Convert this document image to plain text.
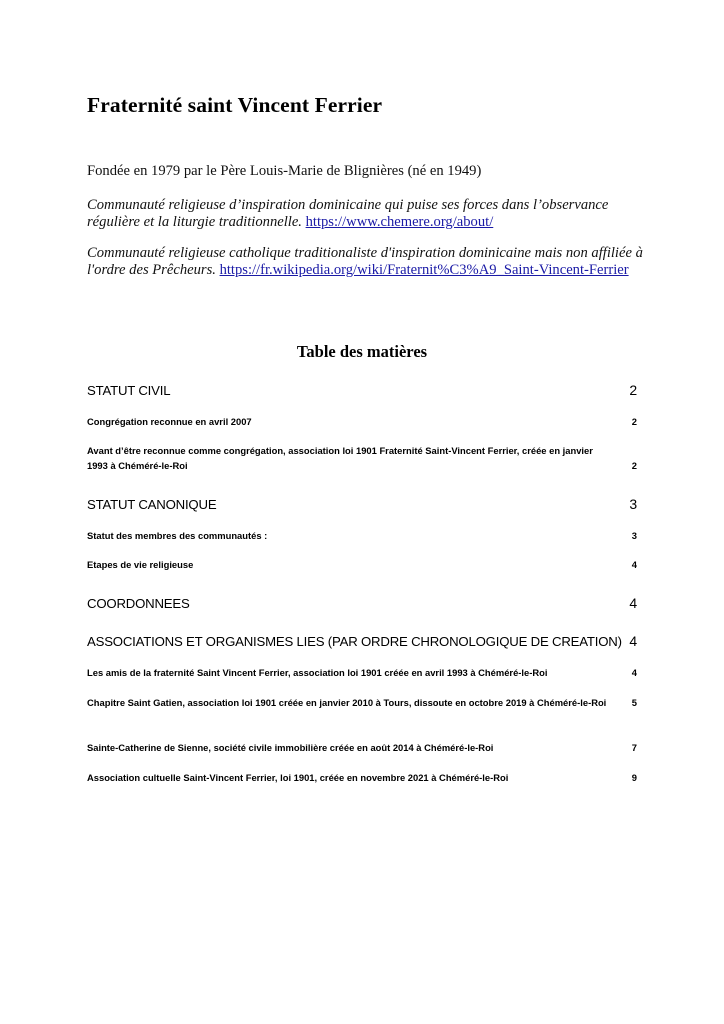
Fraternité saint Vincent Ferrier
Fondée en 1979 par le Père Louis-Marie de Blignières (né en 1949)
Communauté religieuse d’inspiration dominicaine qui puise ses forces dans l’observance régulière et la liturgie traditionnelle. https://www.chemere.org/about/
Communauté religieuse catholique traditionaliste d'inspiration dominicaine mais non affiliée à l'ordre des Prêcheurs. https://fr.wikipedia.org/wiki/Fraternit%C3%A9_Saint-Vincent-Ferrier
Table des matières
STATUT CIVIL	2
Congrégation reconnue en avril 2007	2
Avant d’être reconnue comme congrégation, association loi 1901 Fraternité Saint-Vincent Ferrier, créée en janvier 1993 à Chéméré-le-Roi	2
STATUT CANONIQUE	3
Statut des membres des communautés :	3
Etapes de vie religieuse	4
COORDONNEES	4
ASSOCIATIONS ET ORGANISMES LIES (PAR ORDRE CHRONOLOGIQUE DE CREATION) 4
Les amis de la fraternité Saint Vincent Ferrier, association loi 1901 créée en avril 1993 à Chéméré-le-Roi	4
Chapitre Saint Gatien, association loi 1901 créée en janvier 2010 à Tours, dissoute en octobre 2019 à Chéméré-le-Roi	5
Sainte-Catherine de Sienne, société civile immobilière créée en août 2014 à Chéméré-le-Roi	7
Association cultuelle Saint-Vincent Ferrier, loi 1901, créée en novembre 2021 à Chéméré-le-Roi	9
